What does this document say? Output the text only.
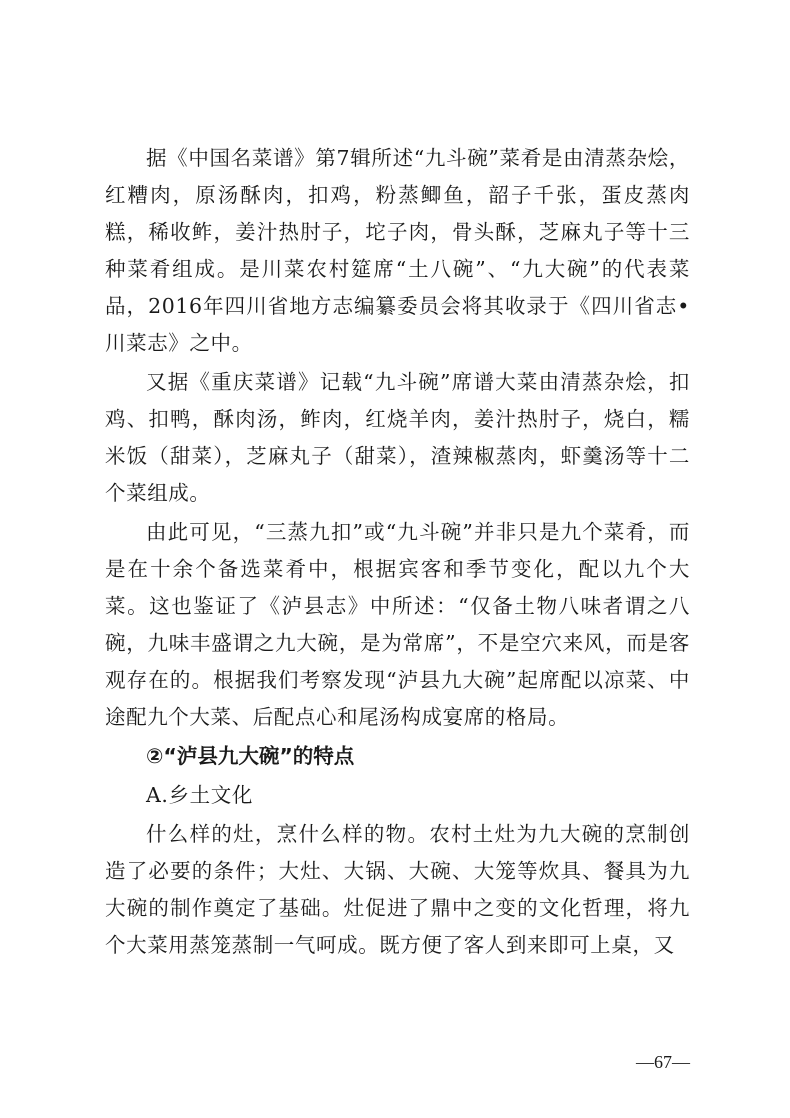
据《中国名菜谱》第7辑所述“九斗碗”菜肴是由清蒸杂烩，红糟肉，原汤酥肉，扣鸡，粉蒸鲫鱼，韶子千张，蛋皮蒸肉糕，稀收鲊，姜汁热肘子，坨子肉，骨头酥，芝麻丸子等十三种菜肴组成。是川菜农村筵席“土八碗”、“九大碗”的代表菜品，2016年四川省地方志编纂委员会将其收录于《四川省志•川菜志》之中。

又据《重庆菜谱》记载“九斗碗”席谱大菜由清蒸杂烩，扣鸡、扣鸭，酥肉汤，鲊肉，红烧羊肉，姜汁热肘子，烧白，糯米饭（甜菜），芝麻丸子（甜菜），渣辣椒蒸肉，虾羹汤等十二个菜组成。

由此可见，“三蒸九扣”或“九斗碗”并非只是九个菜肴，而是在十余个备选菜肴中，根据宾客和季节变化，配以九个大菜。这也鉴证了《泸县志》中所述：“仅备土物八味者谓之八碗，九味丰盛谓之九大碗，是为常席”，不是空穴来风，而是客观存在的。根据我们考察发现“泸县九大碗”起席配以凉菜、中途配九个大菜、后配点心和尾汤构成宴席的格局。

②“泸县九大碗”的特点

A.乡土文化

什么样的灶，烹什么样的物。农村土灶为九大碗的烹制创造了必要的条件；大灶、大锅、大碗、大笼等炊具、餐具为九大碗的制作奠定了基础。灶促进了鼎中之变的文化哲理，将九个大菜用蒸笼蒸制一气呵成。既方便了客人到来即可上桌，又

—67—
